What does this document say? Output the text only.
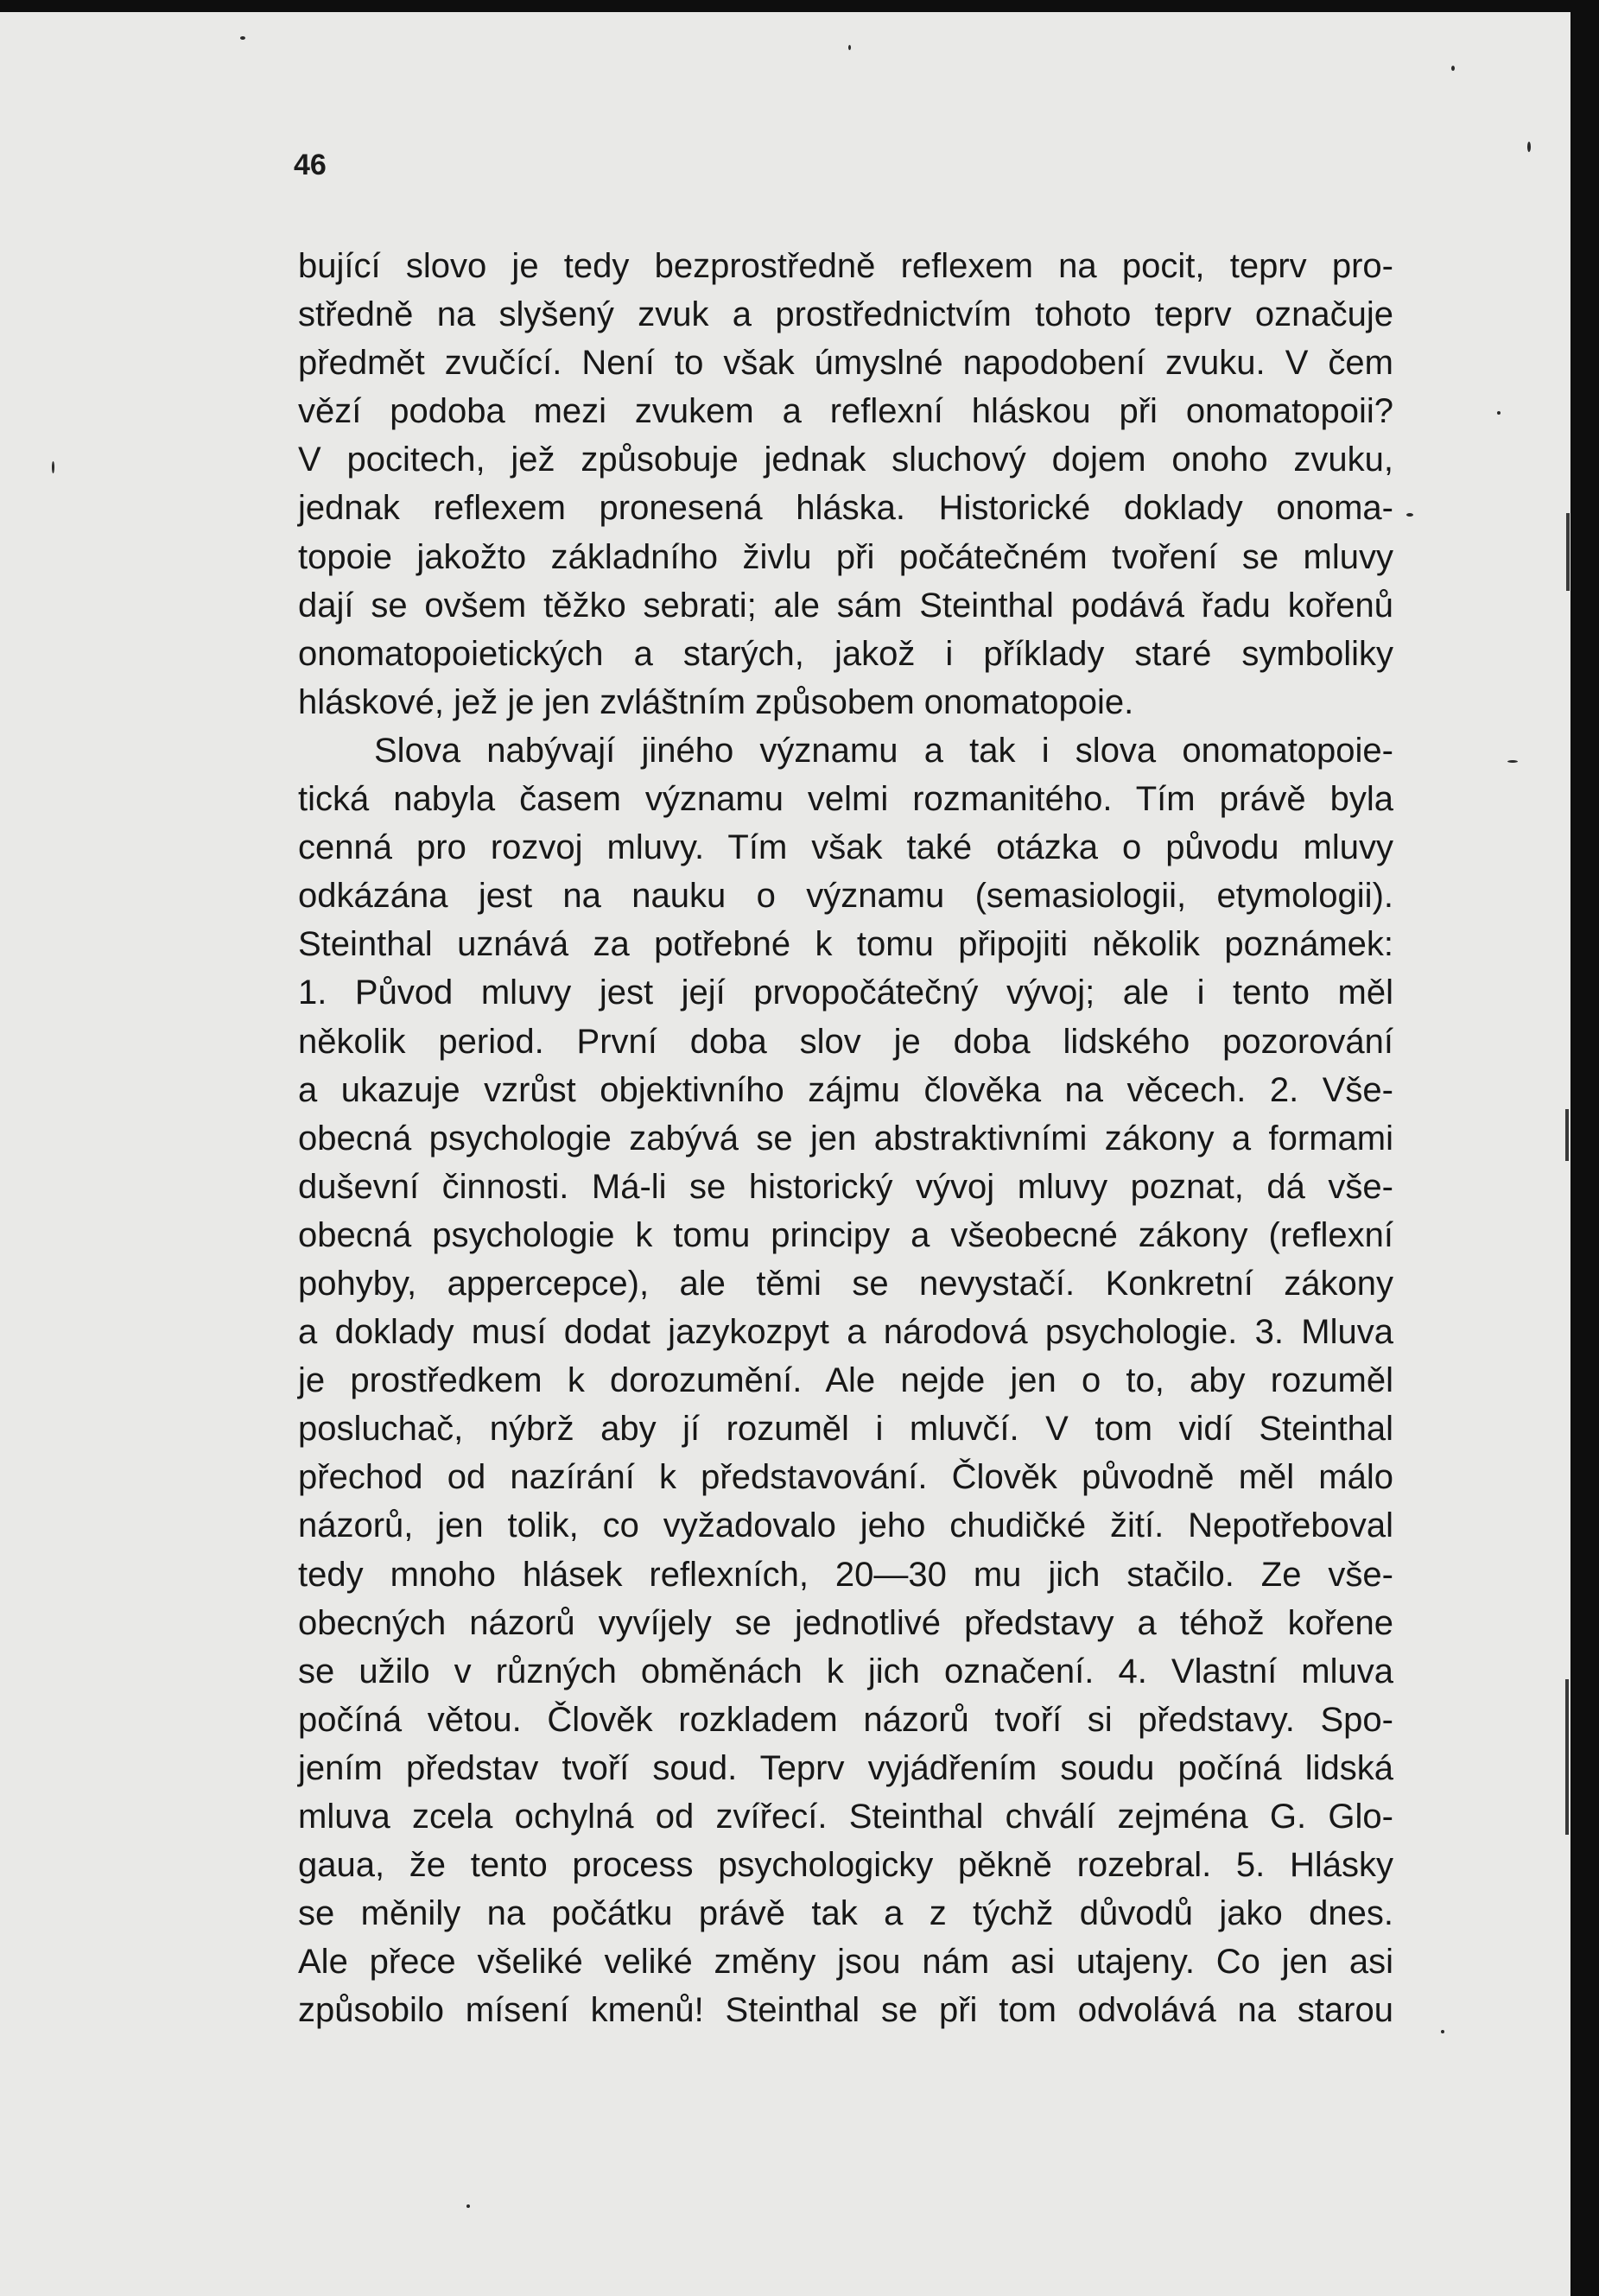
46
bující slovo je tedy bezprostředně reflexem na pocit, teprv pro-
středně na slyšený zvuk a prostřednictvím tohoto teprv označuje
předmět zvučící. Není to však úmyslné napodobení zvuku. V čem
vězí podoba mezi zvukem a reflexní hláskou při onomatopoii?
V pocitech, jež způsobuje jednak sluchový dojem onoho zvuku,
jednak reflexem pronesená hláska. Historické doklady onoma-
topoie jakožto základního živlu při počátečném tvoření se mluvy
dají se ovšem těžko sebrati; ale sám Steinthal podává řadu kořenů
onomatopoietických a starých, jakož i příklady staré symboliky
hláskové, jež je jen zvláštním způsobem onomatopoie.
Slova nabývají jiného významu a tak i slova onomatopoie-
tická nabyla časem významu velmi rozmanitého. Tím právě byla
cenná pro rozvoj mluvy. Tím však také otázka o původu mluvy
odkázána jest na nauku o významu (semasiologii, etymologii).
Steinthal uznává za potřebné k tomu připojiti několik poznámek:
1. Původ mluvy jest její prvopočátečný vývoj; ale i tento měl
několik period. První doba slov je doba lidského pozorování
a ukazuje vzrůst objektivního zájmu člověka na věcech. 2. Vše-
obecná psychologie zabývá se jen abstraktivními zákony a formami
duševní činnosti. Má-li se historický vývoj mluvy poznat, dá vše-
obecná psychologie k tomu principy a všeobecné zákony (reflexní
pohyby, appercepce), ale těmi se nevystačí. Konkretní zákony
a doklady musí dodat jazykozpyt a národová psychologie. 3. Mluva
je prostředkem k dorozumění. Ale nejde jen o to, aby rozuměl
posluchač, nýbrž aby jí rozuměl i mluvčí. V tom vidí Steinthal
přechod od nazírání k představování. Člověk původně měl málo
názorů, jen tolik, co vyžadovalo jeho chudičké žití. Nepotřeboval
tedy mnoho hlásek reflexních, 20—30 mu jich stačilo. Ze vše-
obecných názorů vyvíjely se jednotlivé představy a téhož kořene
se užilo v různých obměnách k jich označení. 4. Vlastní mluva
počíná větou. Člověk rozkladem názorů tvoří si představy. Spo-
jením představ tvoří soud. Teprv vyjádřením soudu počíná lidská
mluva zcela ochylná od zvířecí. Steinthal chválí zejména G. Glo-
gaua, že tento process psychologicky pěkně rozebral. 5. Hlásky
se měnily na počátku právě tak a z týchž důvodů jako dnes.
Ale přece všeliké veliké změny jsou nám asi utajeny. Co jen asi
způsobilo mísení kmenů! Steinthal se při tom odvolává na starou
